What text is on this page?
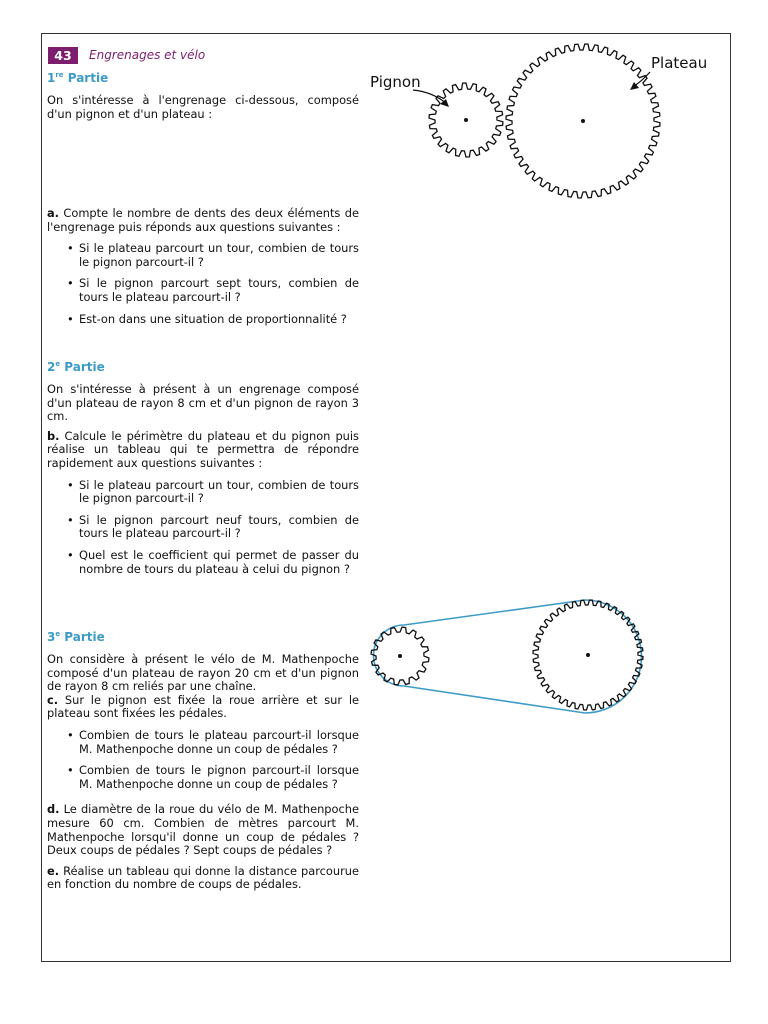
43	Engrenages et vélo
1re Partie

On s'intéresse à l'engrenage ci-dessous, composé d'un pignon et d'un plateau :

a. Compte le nombre de dents des deux éléments de l'engrenage puis réponds aux questions suivantes :

• Si le plateau parcourt un tour, combien de tours le pignon parcourt-il ?
• Si le pignon parcourt sept tours, combien de tours le plateau parcourt-il ?
• Est-on dans une situation de proportionnalité ?
2e Partie

On s'intéresse à présent à un engrenage composé d'un plateau de rayon 8 cm et d'un pignon de rayon 3 cm.

b. Calcule le périmètre du plateau et du pignon puis réalise un tableau qui te permettra de répondre rapidement aux questions suivantes :

• Si le plateau parcourt un tour, combien de tours le pignon parcourt-il ?
• Si le pignon parcourt neuf tours, combien de tours le plateau parcourt-il ?
• Quel est le coefficient qui permet de passer du nombre de tours du plateau à celui du pignon ?
3e Partie

On considère à présent le vélo de M. Mathenpoche composé d'un plateau de rayon 20 cm et d'un pignon de rayon 8 cm reliés par une chaîne.

c. Sur le pignon est fixée la roue arrière et sur le plateau sont fixées les pédales.

• Combien de tours le plateau parcourt-il lorsque M. Mathenpoche donne un coup de pédales ?
• Combien de tours le pignon parcourt-il lorsque M. Mathenpoche donne un coup de pédales ?

d. Le diamètre de la roue du vélo de M. Mathenpoche mesure 60 cm. Combien de mètres parcourt M. Mathenpoche lorsqu'il donne un coup de pédales ? Deux coups de pédales ? Sept coups de pédales ?

e. Réalise un tableau qui donne la distance parcourue en fonction du nombre de coups de pédales.

Pignon
Plateau
